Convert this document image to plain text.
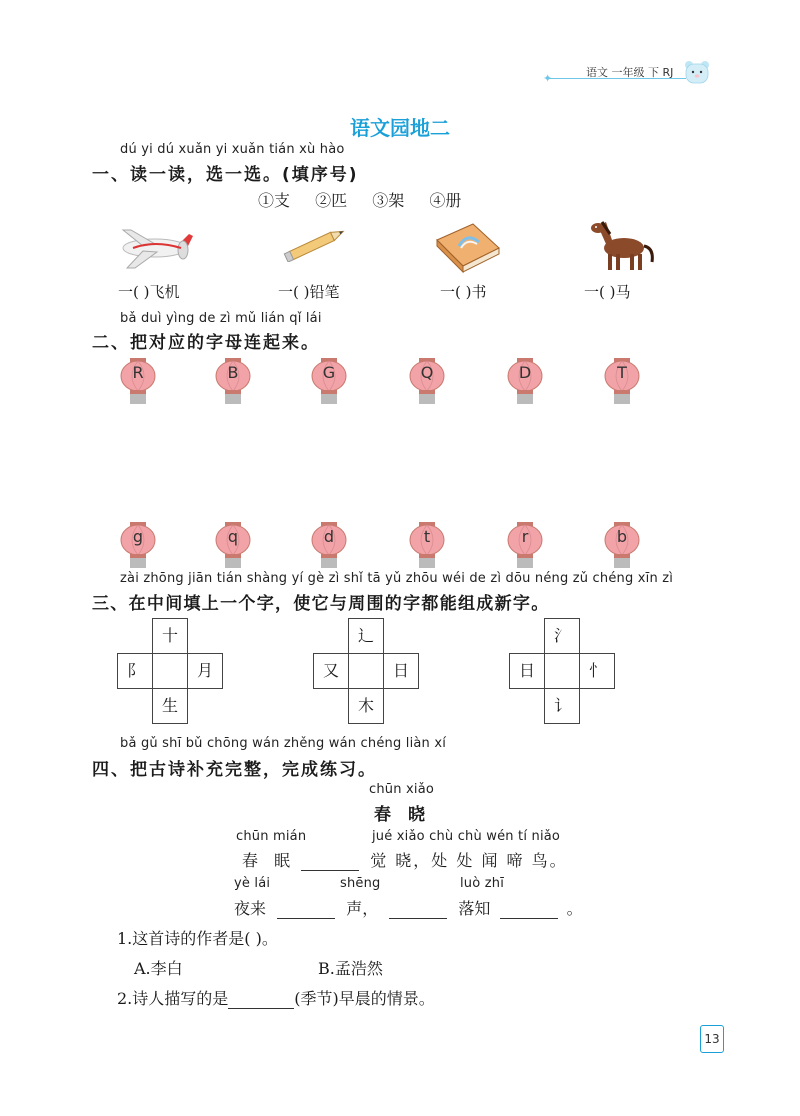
✦	语文 一年级 下 RJ
语文园地二
dú yi dú xuǎn yi xuǎn tián xù hào
一、读一读，选一选。(填序号)
①支 ②匹 ③架 ④册
一( )飞机	一( )铅笔	一( )书	一( )马
bǎ duì yìng de zì mǔ lián qǐ lái
二、把对应的字母连起来。
R	B	G	Q	D	T
g	q	d	t	r	b
zài zhōng jiān tián shàng yí gè zì shǐ tā yǔ zhōu wéi de zì dōu néng zǔ chéng xīn zì
三、在中间填上一个字，使它与周围的字都能组成新字。
十
阝	月
生
辶
又	日
木
氵
日	忄
讠
bǎ gǔ shī bǔ chōng wán zhěng wán chéng liàn xí
四、把古诗补充完整，完成练习。
chūn xiǎo
春　晓
chūn mián	jué xiǎo chù chù wén tí niǎo
春　眠	觉 晓，处 处 闻 啼 鸟。
yè lái	shēng	luò zhī
夜来	声，	落知	。
1.这首诗的作者是( )。
A.李白	B.孟浩然
2.诗人描写的是	(季节)早晨的情景。
13
